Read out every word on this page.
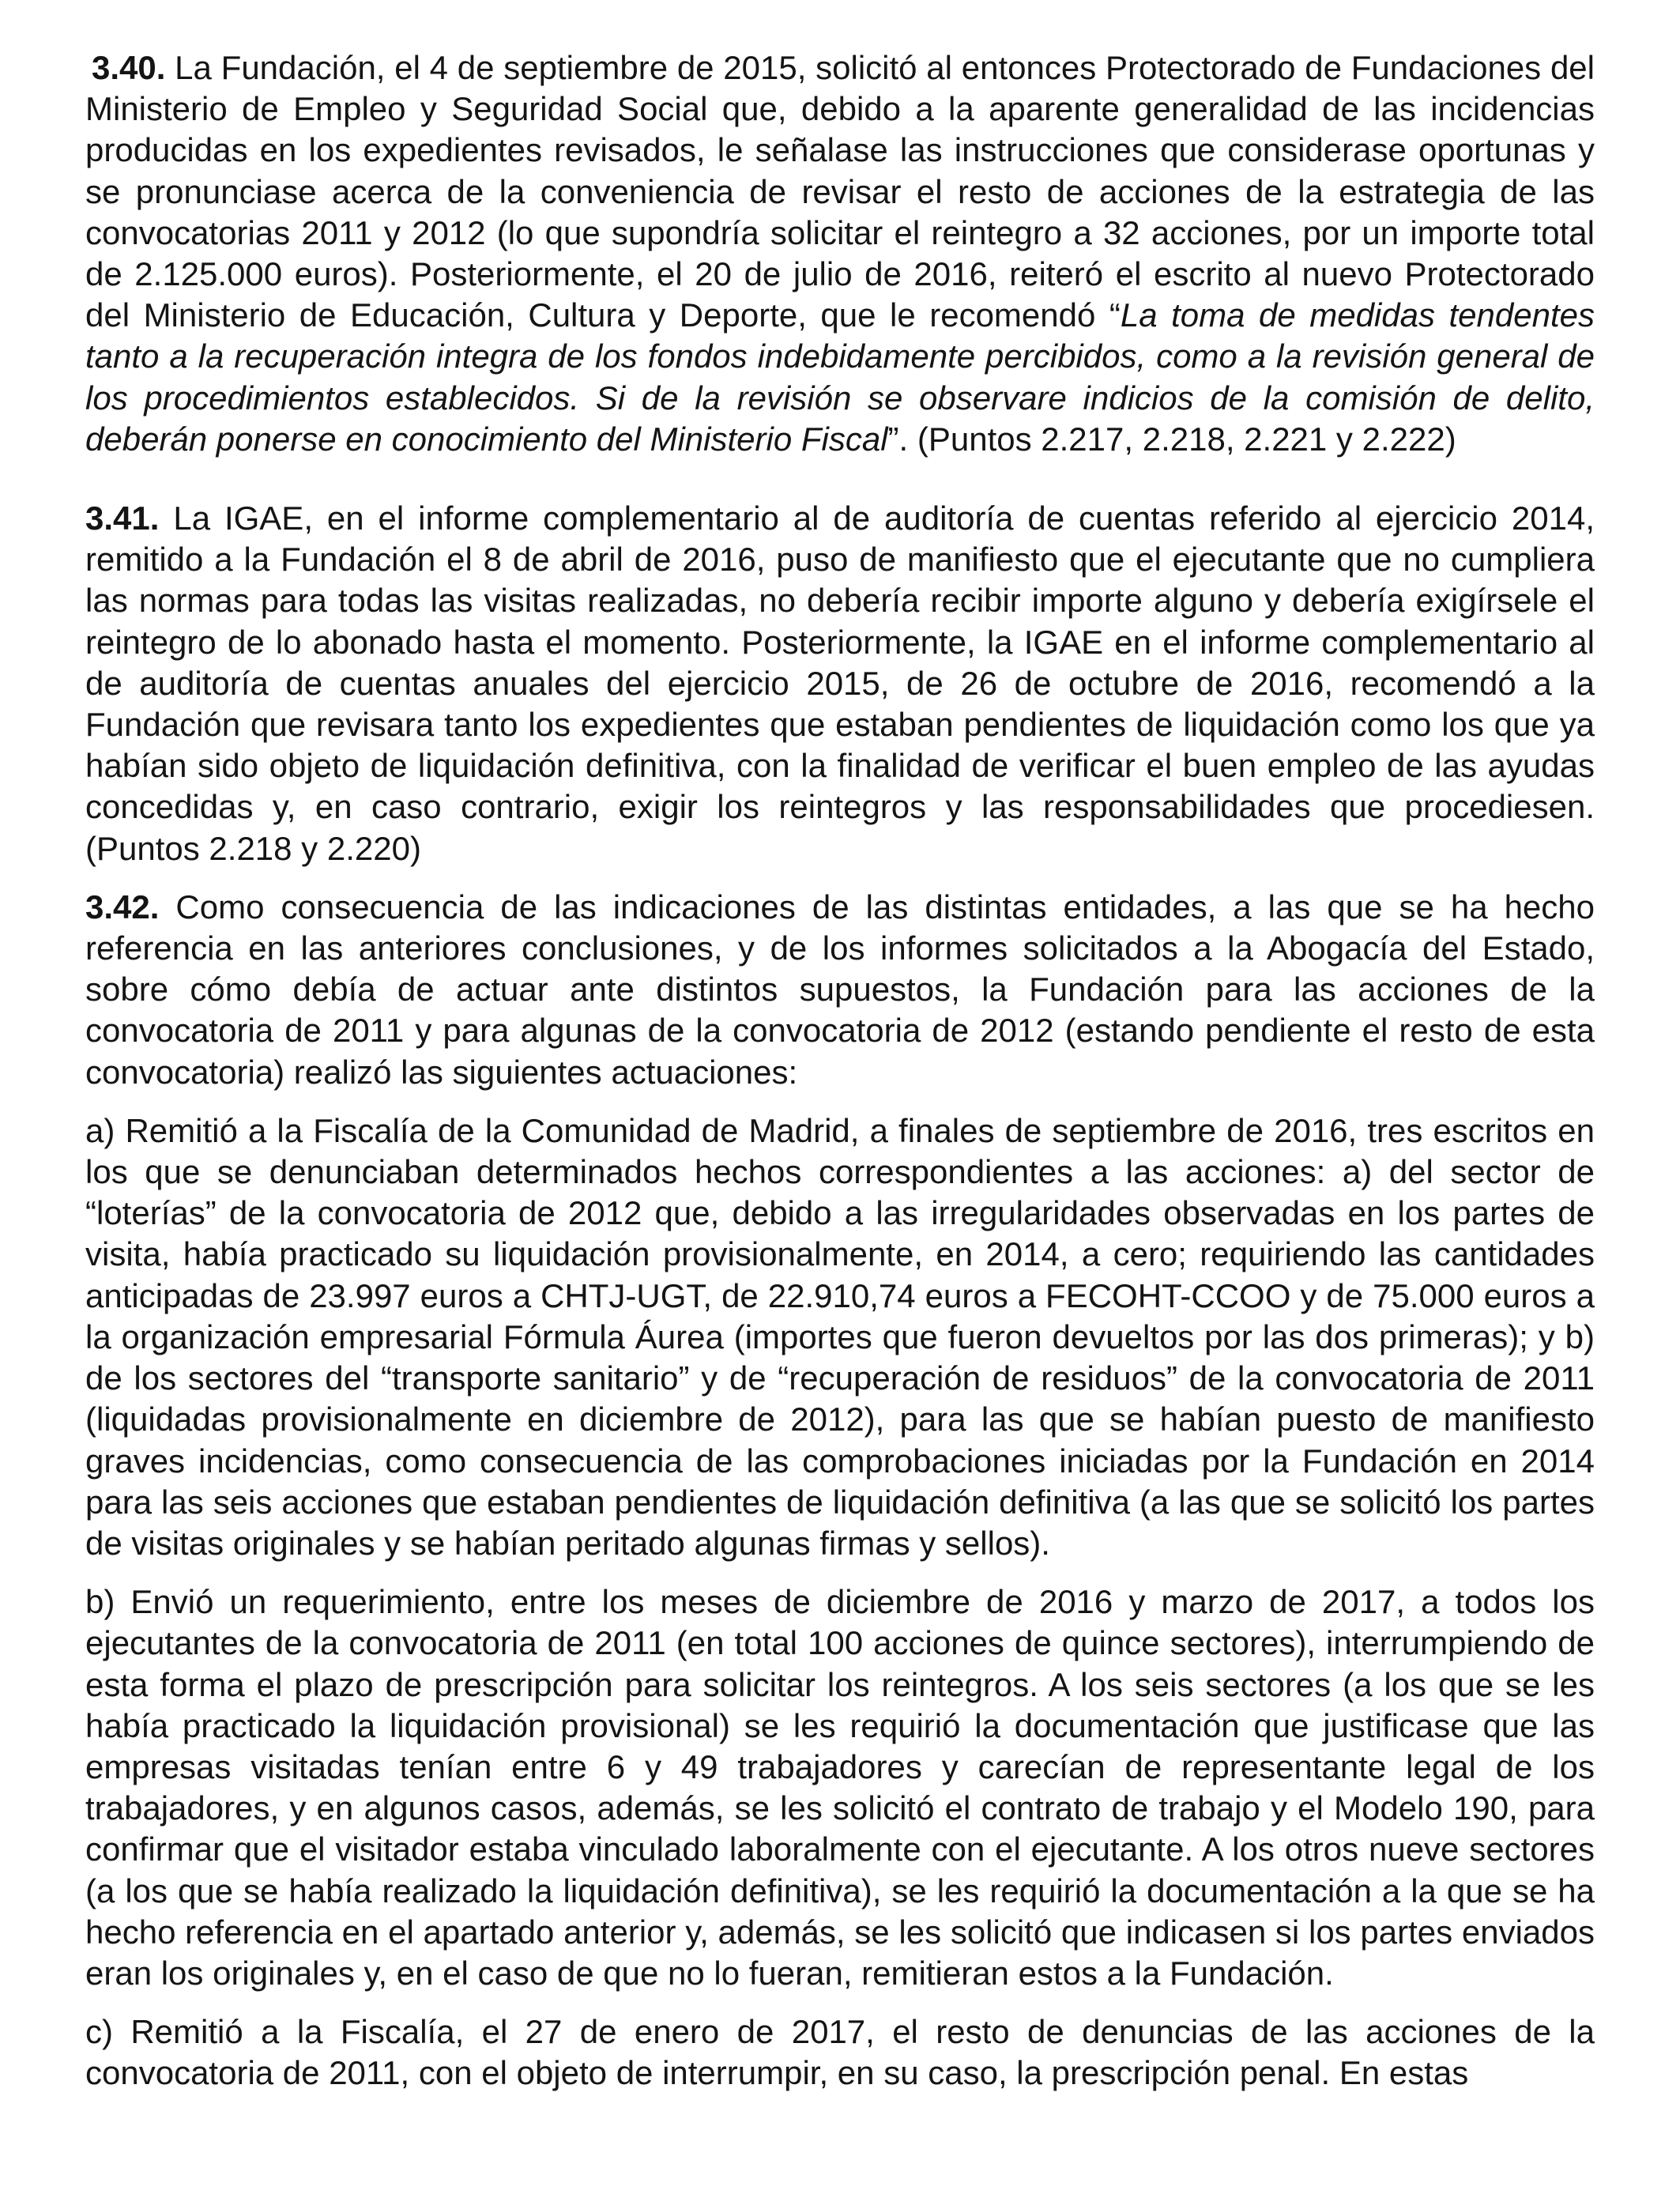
3.40. La Fundación, el 4 de septiembre de 2015, solicitó al entonces Protectorado de Fundaciones del Ministerio de Empleo y Seguridad Social que, debido a la aparente generalidad de las incidencias producidas en los expedientes revisados, le señalase las instrucciones que considerase oportunas y se pronunciase acerca de la conveniencia de revisar el resto de acciones de la estrategia de las convocatorias 2011 y 2012 (lo que supondría solicitar el reintegro a 32 acciones, por un importe total de 2.125.000 euros). Posteriormente, el 20 de julio de 2016, reiteró el escrito al nuevo Protectorado del Ministerio de Educación, Cultura y Deporte, que le recomendó “La toma de medidas tendentes tanto a la recuperación integra de los fondos indebidamente percibidos, como a la revisión general de los procedimientos establecidos. Si de la revisión se observare indicios de la comisión de delito, deberán ponerse en conocimiento del Ministerio Fiscal”. (Puntos 2.217, 2.218, 2.221 y 2.222)

3.41. La IGAE, en el informe complementario al de auditoría de cuentas referido al ejercicio 2014, remitido a la Fundación el 8 de abril de 2016, puso de manifiesto que el ejecutante que no cumpliera las normas para todas las visitas realizadas, no debería recibir importe alguno y debería exigírsele el reintegro de lo abonado hasta el momento. Posteriormente, la IGAE en el informe complementario al de auditoría de cuentas anuales del ejercicio 2015, de 26 de octubre de 2016, recomendó a la Fundación que revisara tanto los expedientes que estaban pendientes de liquidación como los que ya habían sido objeto de liquidación definitiva, con la finalidad de verificar el buen empleo de las ayudas concedidas y, en caso contrario, exigir los reintegros y las responsabilidades que procediesen. (Puntos 2.218 y 2.220)

3.42. Como consecuencia de las indicaciones de las distintas entidades, a las que se ha hecho referencia en las anteriores conclusiones, y de los informes solicitados a la Abogacía del Estado, sobre cómo debía de actuar ante distintos supuestos, la Fundación para las acciones de la convocatoria de 2011 y para algunas de la convocatoria de 2012 (estando pendiente el resto de esta convocatoria) realizó las siguientes actuaciones:

a) Remitió a la Fiscalía de la Comunidad de Madrid, a finales de septiembre de 2016, tres escritos en los que se denunciaban determinados hechos correspondientes a las acciones: a) del sector de “loterías” de la convocatoria de 2012 que, debido a las irregularidades observadas en los partes de visita, había practicado su liquidación provisionalmente, en 2014, a cero; requiriendo las cantidades anticipadas de 23.997 euros a CHTJ-UGT, de 22.910,74 euros a FECOHT-CCOO y de 75.000 euros a la organización empresarial Fórmula Áurea (importes que fueron devueltos por las dos primeras); y b) de los sectores del “transporte sanitario” y de “recuperación de residuos” de la convocatoria de 2011 (liquidadas provisionalmente en diciembre de 2012), para las que se habían puesto de manifiesto graves incidencias, como consecuencia de las comprobaciones iniciadas por la Fundación en 2014 para las seis acciones que estaban pendientes de liquidación definitiva (a las que se solicitó los partes de visitas originales y se habían peritado algunas firmas y sellos).

b) Envió un requerimiento, entre los meses de diciembre de 2016 y marzo de 2017, a todos los ejecutantes de la convocatoria de 2011 (en total 100 acciones de quince sectores), interrumpiendo de esta forma el plazo de prescripción para solicitar los reintegros. A los seis sectores (a los que se les había practicado la liquidación provisional) se les requirió la documentación que justificase que las empresas visitadas tenían entre 6 y 49 trabajadores y carecían de representante legal de los trabajadores, y en algunos casos, además, se les solicitó el contrato de trabajo y el Modelo 190, para confirmar que el visitador estaba vinculado laboralmente con el ejecutante. A los otros nueve sectores (a los que se había realizado la liquidación definitiva), se les requirió la documentación a la que se ha hecho referencia en el apartado anterior y, además, se les solicitó que indicasen si los partes enviados eran los originales y, en el caso de que no lo fueran, remitieran estos a la Fundación.

c) Remitió a la Fiscalía, el 27 de enero de 2017, el resto de denuncias de las acciones de la convocatoria de 2011, con el objeto de interrumpir, en su caso, la prescripción penal. En estas
